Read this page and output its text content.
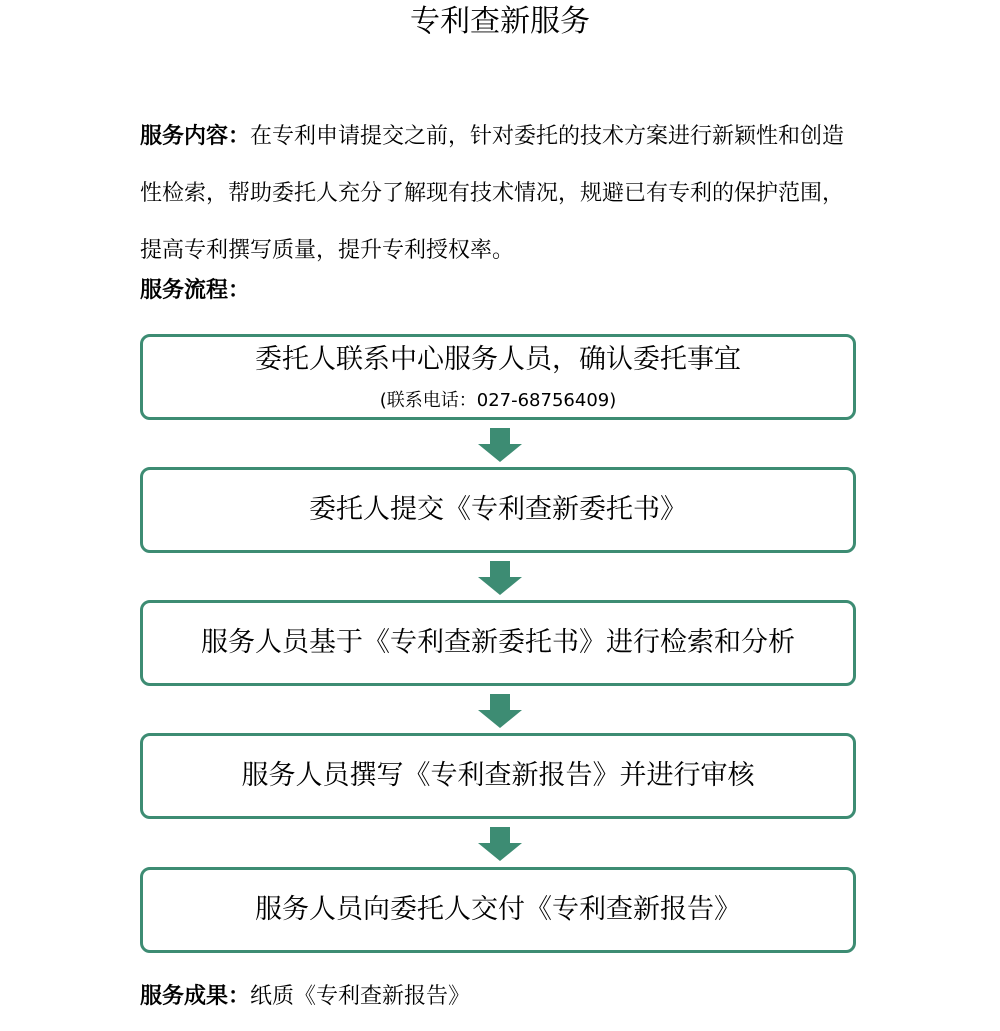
专利查新服务
服务内容：在专利申请提交之前，针对委托的技术方案进行新颖性和创造性检索，帮助委托人充分了解现有技术情况，规避已有专利的保护范围，提高专利撰写质量，提升专利授权率。
服务流程：
委托人联系中心服务人员，确认委托事宜
(联系电话：027-68756409)
委托人提交《专利查新委托书》
服务人员基于《专利查新委托书》进行检索和分析
服务人员撰写《专利查新报告》并进行审核
服务人员向委托人交付《专利查新报告》
服务成果：纸质《专利查新报告》
